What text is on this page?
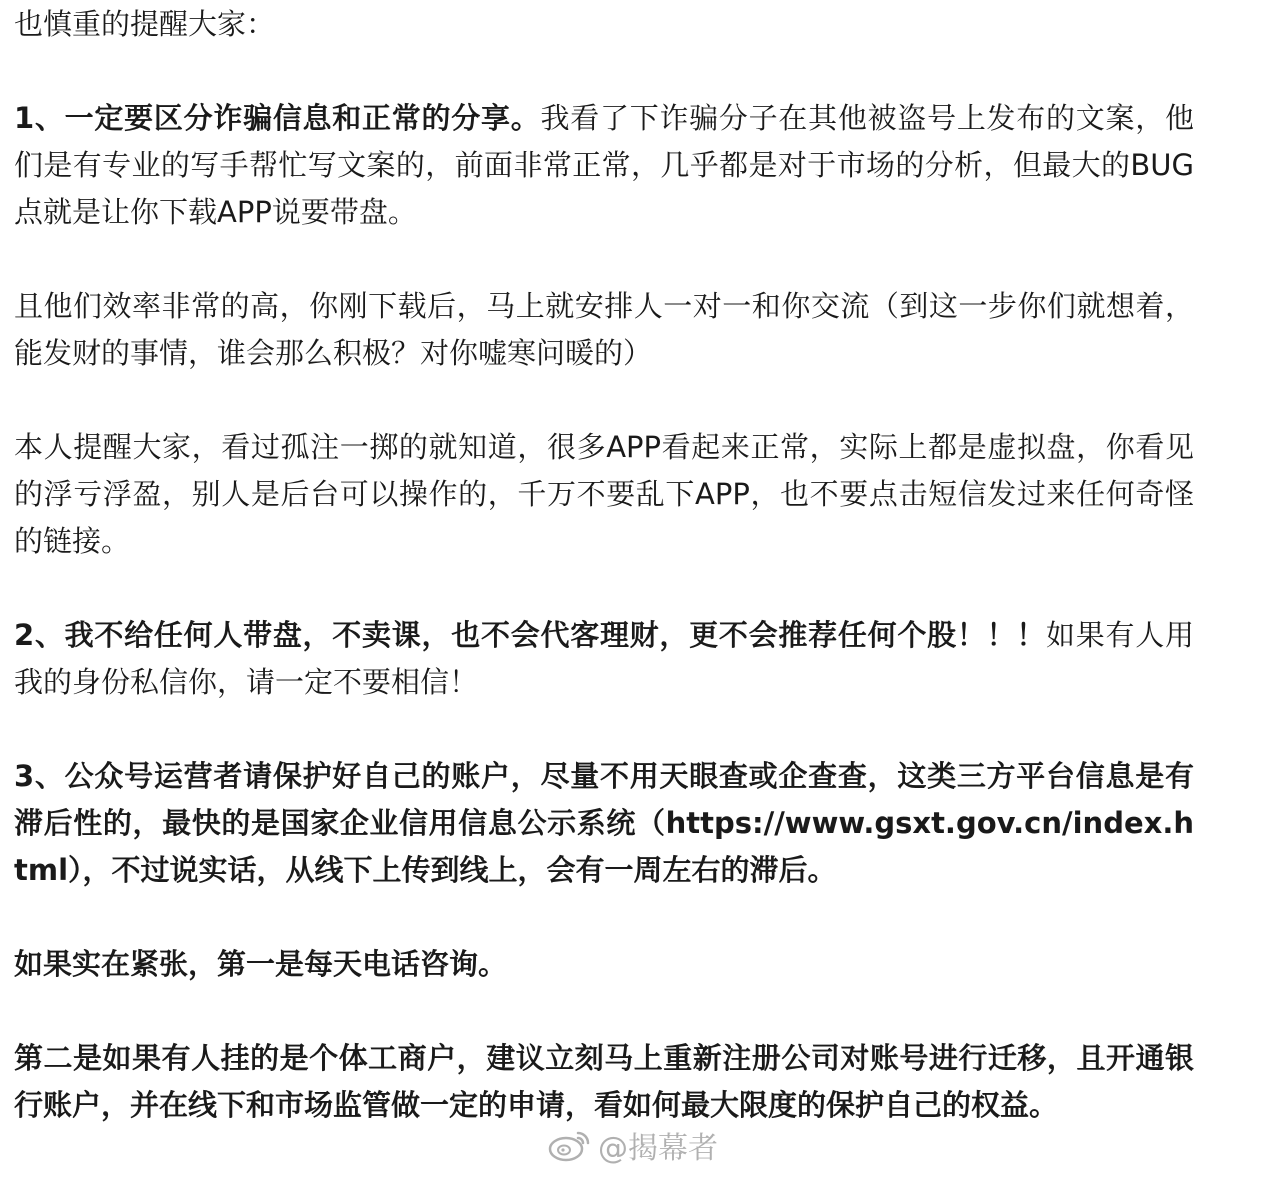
也慎重的提醒大家：

1、一定要区分诈骗信息和正常的分享。我看了下诈骗分子在其他被盗号上发布的文案，他们是有专业的写手帮忙写文案的，前面非常正常，几乎都是对于市场的分析，但最大的BUG点就是让你下载APP说要带盘。

且他们效率非常的高，你刚下载后，马上就安排人一对一和你交流（到这一步你们就想着，能发财的事情，谁会那么积极？对你嘘寒问暖的）

本人提醒大家，看过孤注一掷的就知道，很多APP看起来正常，实际上都是虚拟盘，你看见的浮亏浮盈，别人是后台可以操作的，千万不要乱下APP，也不要点击短信发过来任何奇怪的链接。

2、我不给任何人带盘，不卖课，也不会代客理财，更不会推荐任何个股！！！如果有人用我的身份私信你，请一定不要相信！

3、公众号运营者请保护好自己的账户，尽量不用天眼查或企查查，这类三方平台信息是有滞后性的，最快的是国家企业信用信息公示系统（https://www.gsxt.gov.cn/index.html），不过说实话，从线下上传到线上，会有一周左右的滞后。

如果实在紧张，第一是每天电话咨询。

第二是如果有人挂的是个体工商户，建议立刻马上重新注册公司对账号进行迁移，且开通银行账户，并在线下和市场监管做一定的申请，看如何最大限度的保护自己的权益。

@揭幕者
